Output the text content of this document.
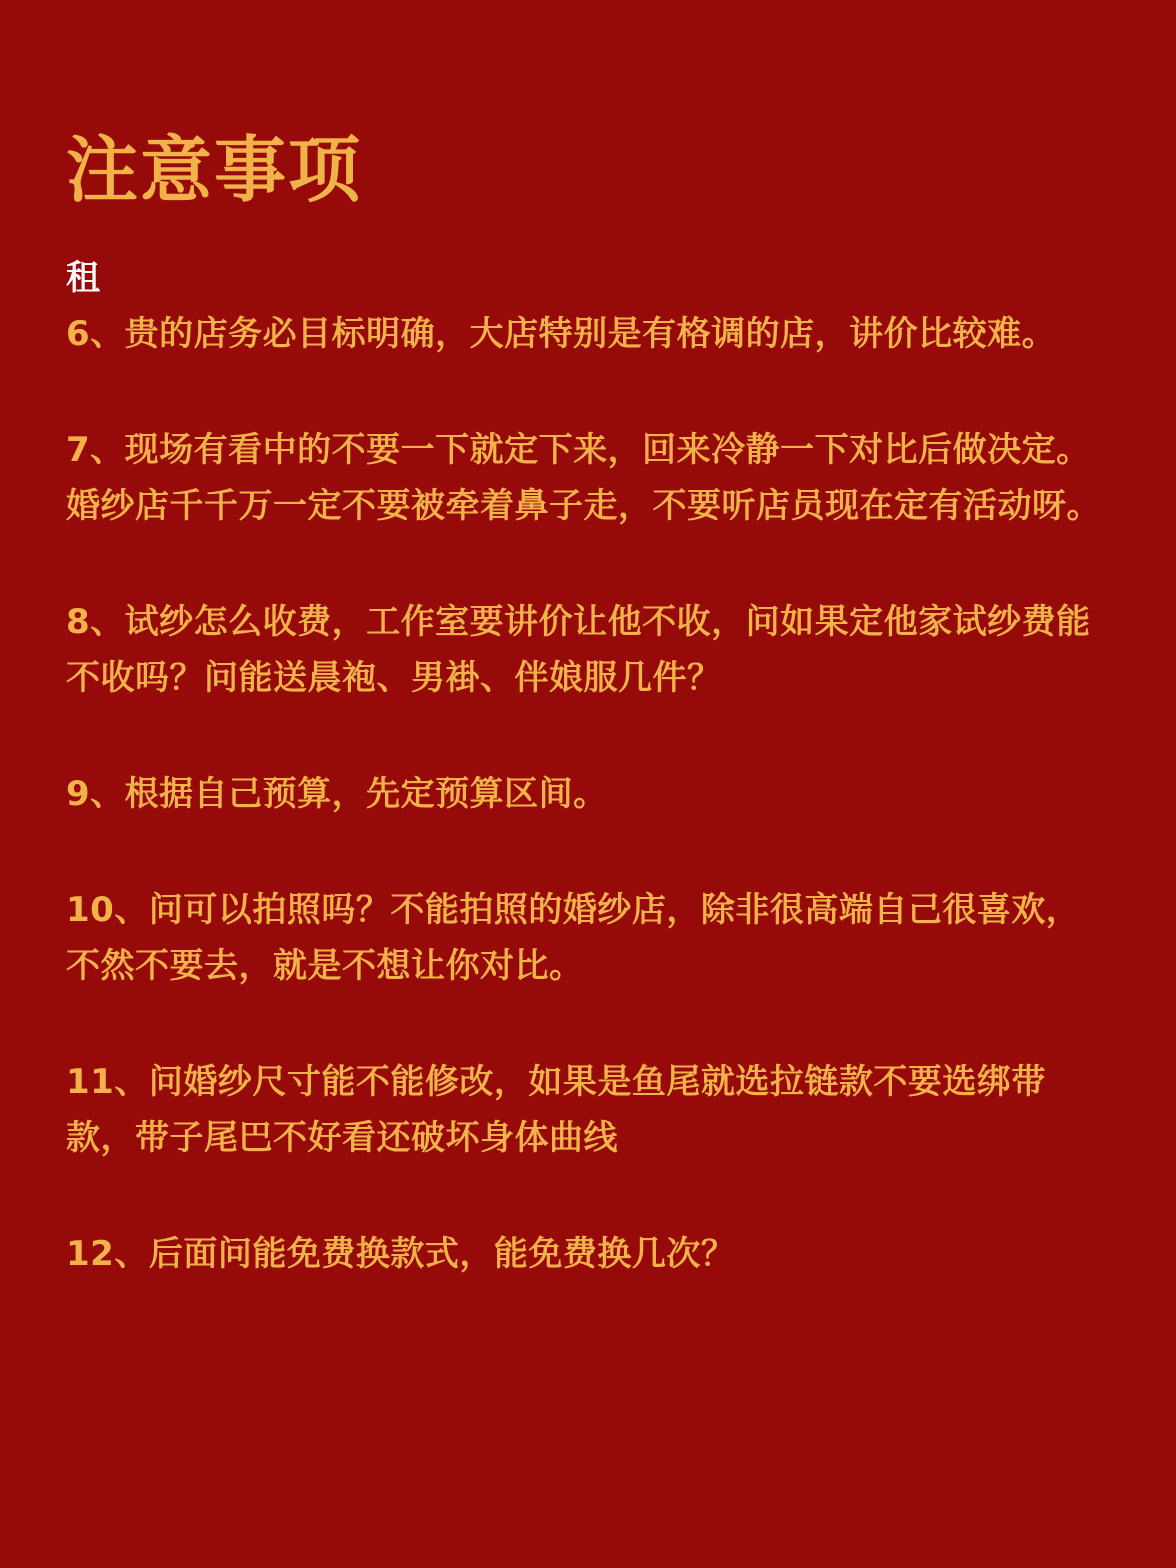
注意事项
租

6、贵的店务必目标明确，大店特别是有格调的店，讲价比较难。

7、现场有看中的不要一下就定下来，回来冷静一下对比后做决定。婚纱店千千万一定不要被牵着鼻子走，不要听店员现在定有活动呀。

8、试纱怎么收费，工作室要讲价让他不收，问如果定他家试纱费能不收吗？问能送晨袍、男褂、伴娘服几件？

9、根据自己预算，先定预算区间。

10、问可以拍照吗？不能拍照的婚纱店，除非很高端自己很喜欢，不然不要去，就是不想让你对比。

11、问婚纱尺寸能不能修改，如果是鱼尾就选拉链款不要选绑带款，带子尾巴不好看还破坏身体曲线

12、后面问能免费换款式，能免费换几次？
